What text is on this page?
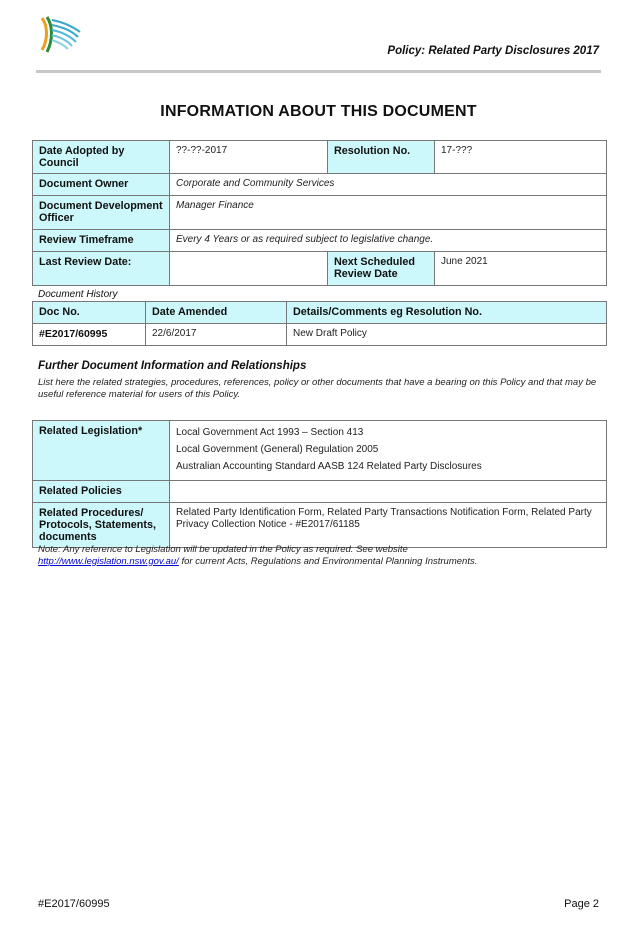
Policy: Related Party Disclosures 2017
INFORMATION ABOUT THIS DOCUMENT
Date Adopted by Council	??-??-2017	Resolution No.	17-???
Document Owner	Corporate and Community Services		
Document Development Officer	Manager Finance		
Review Timeframe	Every 4 Years or as required subject to legislative change.		
Last Review Date:		Next Scheduled Review Date	June 2021
Document History
Doc No.	Date Amended	Details/Comments eg Resolution No.
#E2017/60995	22/6/2017	New Draft Policy
Further Document Information and Relationships
List here the related strategies, procedures, references, policy or other documents that have a bearing on this Policy and that may be useful reference material for users of this Policy.
Related Legislation*	Local Government Act 1993 – Section 413
Local Government (General) Regulation 2005
Australian Accounting Standard AASB 124 Related Party Disclosures

Related Policies	
Related Procedures/ Protocols, Statements, documents	Related Party Identification Form, Related Party Transactions Notification Form, Related Party Privacy Collection Notice - #E2017/61185
Note: Any reference to Legislation will be updated in the Policy as required. See website
http://www.legislation.nsw.gov.au/ for current Acts, Regulations and Environmental Planning Instruments.
#E2017/60995	Page 2
